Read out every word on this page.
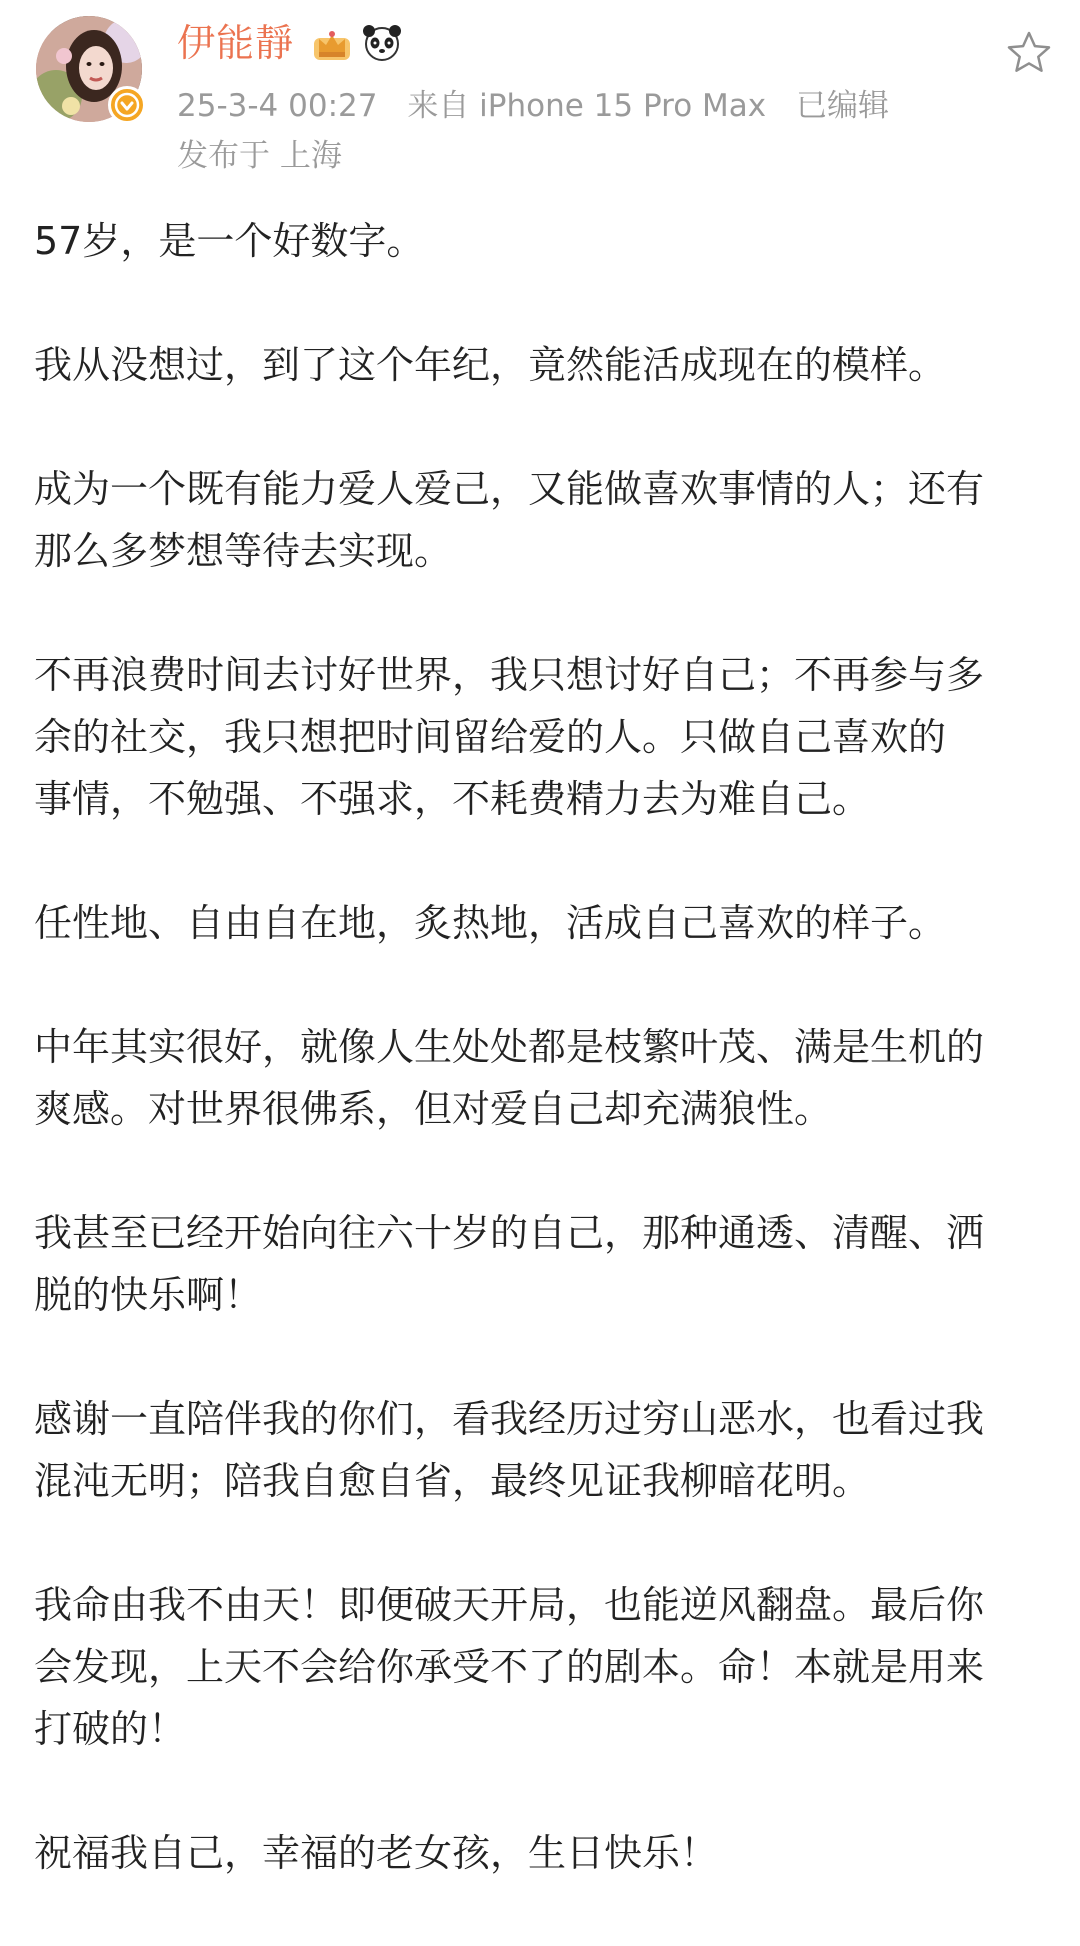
伊能靜
25-3-4 00:27 来自 iPhone 15 Pro Max 已编辑
发布于 上海

57岁，是一个好数字。

我从没想过，到了这个年纪，竟然能活成现在的模样。

成为一个既有能力爱人爱己，又能做喜欢事情的人；还有
那么多梦想等待去实现。

不再浪费时间去讨好世界，我只想讨好自己；不再参与多
余的社交，我只想把时间留给爱的人。只做自己喜欢的
事情，不勉强、不强求，不耗费精力去为难自己。

任性地、自由自在地，炙热地，活成自己喜欢的样子。

中年其实很好，就像人生处处都是枝繁叶茂、满是生机的
爽感。对世界很佛系，但对爱自己却充满狼性。

我甚至已经开始向往六十岁的自己，那种通透、清醒、洒
脱的快乐啊！

感谢一直陪伴我的你们，看我经历过穷山恶水，也看过我
混沌无明；陪我自愈自省，最终见证我柳暗花明。

我命由我不由天！即便破天开局，也能逆风翻盘。最后你
会发现，上天不会给你承受不了的剧本。命！本就是用来
打破的！

祝福我自己，幸福的老女孩，生日快乐！
